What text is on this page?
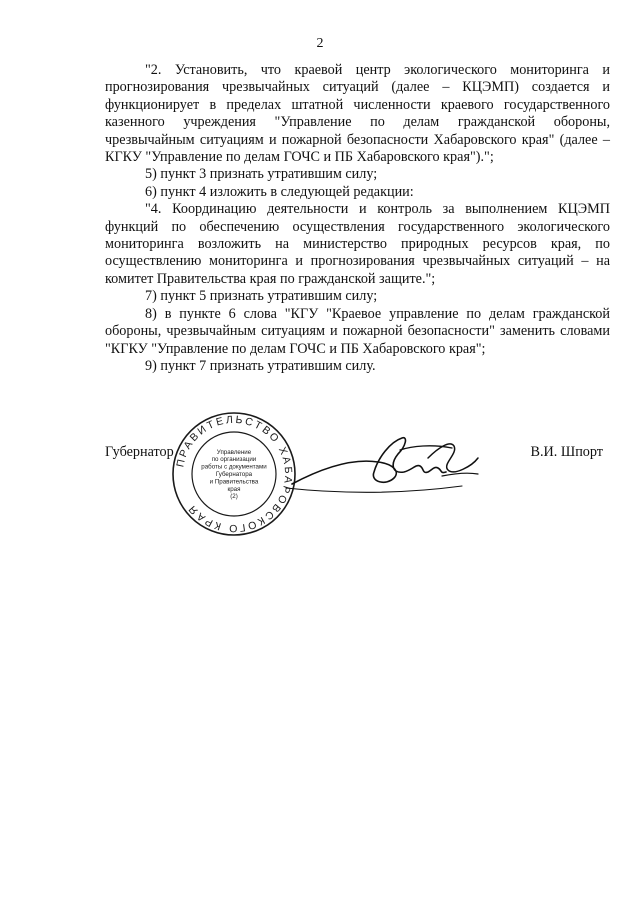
2

"2. Установить, что краевой центр экологического мониторинга и прогнозирования чрезвычайных ситуаций (далее – КЦЭМП) создается и функционирует в пределах штатной численности краевого государственного казенного учреждения "Управление по делам гражданской обороны, чрезвычайным ситуациям и пожарной безопасности Хабаровского края" (далее – КГКУ "Управление по делам ГОЧС и ПБ Хабаровского края").";

5) пункт 3 признать утратившим силу;

6) пункт 4 изложить в следующей редакции:

"4. Координацию деятельности и контроль за выполнением КЦЭМП функций по обеспечению осуществления государственного экологического мониторинга возложить на министерство природных ресурсов края, по осуществлению мониторинга и прогнозирования чрезвычайных ситуаций – на комитет Правительства края по гражданской защите.";

7) пункт 5 признать утратившим силу;

8) в пункте 6 слова "КГУ "Краевое управление по делам гражданской обороны, чрезвычайным ситуациям и пожарной безопасности" заменить словами "КГКУ "Управление по делам ГОЧС и ПБ Хабаровского края";

9) пункт 7 признать утратившим силу.

Губернатор	В.И. Шпорт
ПРАВИТЕЛЬСТВО ХАБАРОВСКОГО КРАЯ
Управление
по организации
работы с документами
Губернатора
и Правительства
края
(2)
